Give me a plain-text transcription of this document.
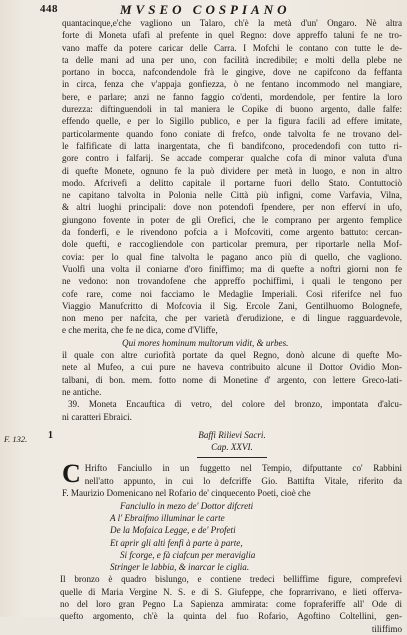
448	MVSEO COSPIANO
F. 132.
quantacinque,e'che vagliono un Talaro, ch'è la metà d'un' Ongaro. Nè altra
forte di Moneta ufafi al prefente in quel Regno: dove appreffo taluni fe ne tro-
vano maffe da potere caricar delle Carra. I Mofchi le contano con tutte le de-
ta delle mani ad una per uno, con facilità incredibile; e molti della plebe ne
portano in bocca, nafcondendole frà le gingive, dove ne capifcono da feffanta
in circa, fenza che v'appaja gonfiezza, ò ne fentano incommodo nel mangiare,
bere, e parlare; anzi ne fanno faggio co'denti, mordendole, per fentire la loro
durezza: diftinguendoli in tal maniera le Copike di buono argento, dalle falfe:
effendo quelle, e per lo Sigillo publico, e per la figura facili ad effere imitate,
particolarmente quando fono coniate di frefco, onde talvolta fe ne trovano del-
le falfificate di latta inargentata, che fi bandifcono, procedendofi con tutto ri-
gore contro i falfarij. Se accade comperar qualche cofa di minor valuta d'una
di quefte Monete, ognuno fe la può dividere per metà in luogo, e non in altro
modo. Afcrivefi a delitto capitale il portarne fuori dello Stato. Contuttociò
ne capitano talvolta in Polonia nelle Città più infigni, come Varfavia, Vilna,
& altri luoghi principali: dove non potendofi fpendere, per non efferví in ufo,
giungono fovente in poter de gli Orefici, che le comprano per argento femplice
da fonderfi, e le rivendono pofcia a i Mofcoviti, come argento battuto: cercan-
dole quefti, e raccogliendole con particolar premura, per riportarle nella Mof-
covia: per lo qual fine talvolta le pagano anco più di quello, che vagliono.
Vuolfi una volta il coniarne d'oro finiffimo; ma di quefte a noftri giorni non fe
ne vedono: non trovandofene che appreffo pochiffimi, i quali le tengono per
cofe rare, come noi facciamo le Medaglie Imperiali. Così riferifce nel fuo
Viaggio Manufcritto di Mofcovia il Sig. Ercole Zani, Gentilhuomo Bolognefe,
non meno per nafcita, che per varietà d'erudizione, e di lingue ragguardevole,
e che merita, che fe ne dica, come d'Vliffe,
Qui mores hominum multorum vidit, & urbes.
il quale con altre curiofità portate da quel Regno, donò alcune di quefte Mo-
nete al Mufeo, a cui pure ne haveva contribuito alcune il Dottor Ovidio Mon-
talbani, di bon. mem. fotto nome di Monetine d' argento, con lettere Greco-lati-
ne antiche.
39. Moneta Encauftica di vetro, del colore del bronzo, impontata d'alcu-
ni caratteri Ebraici.
Baffi Rilievi Sacri.
Cap. XXVI.
C Hrifto Fanciullo in un fuggetto nel Tempio, difputtante co' Rabbini
nell'atto appunto, in cui lo defcriffe Gio. Battifta Vitale, riferito da
F. Maurizio Domenicano nel Rofario de' cinquecento Poeti, cioè che
Fanciullo in mezo de' Dottor difcreti
A l' Ebraifmo illuminar le carte
De la Mofaica Legge, e de' Profeti
Et aprir gli alti fenfi à parte à parte,
Si fcorge, e fà ciafcun per meraviglia
Stringer le labbia, & inarcar le ciglia.
Il bronzo è quadro bislungo, e contiene tredeci belliffime figure, comprefevi
quelle di Maria Vergine N. S. e di S. Giufeppe, che foprarrivano, e lieti offerva-
no del loro gran Pegno La Sapienza ammirata: come fopraferiffe all' Ode di
quefto argomento, ch'è la quinta del fuo Rofario, Agoftino Coltellini, gen-
tiliffimo
1
